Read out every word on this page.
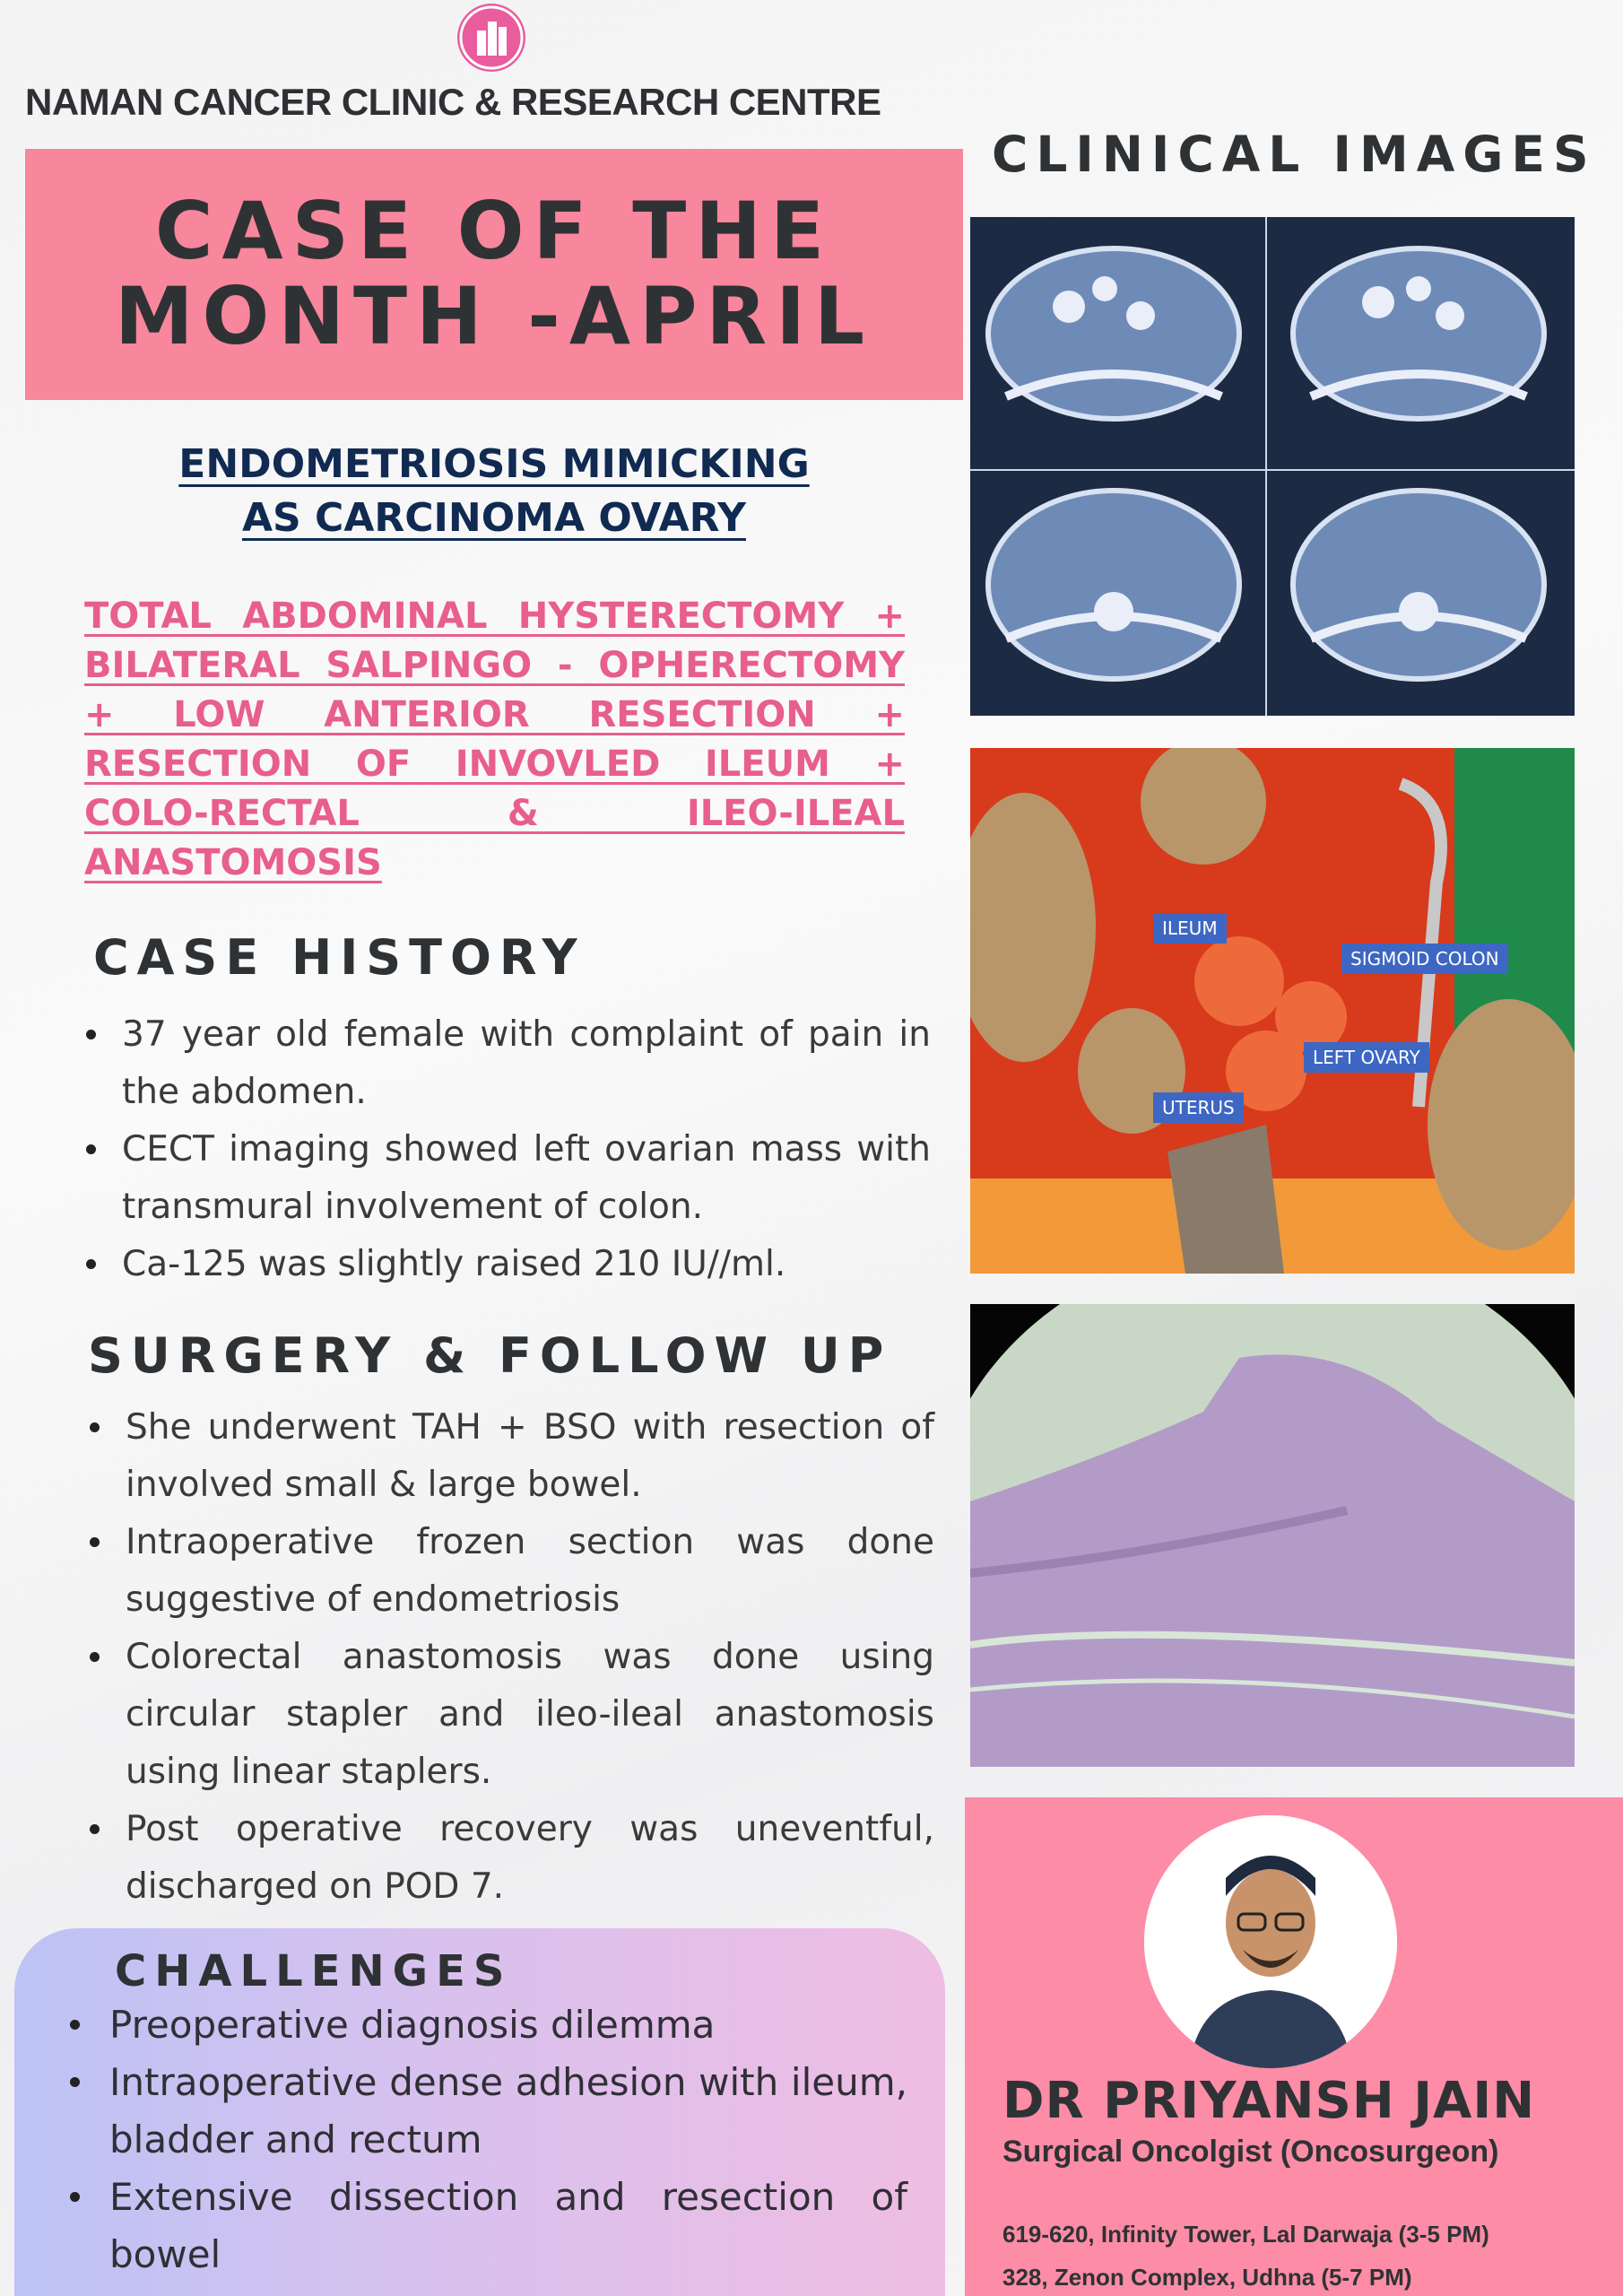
NAMAN CANCER CLINIC & RESEARCH CENTRE
CASE OF THE
MONTH -APRIL
ENDOMETRIOSIS MIMICKING
AS CARCINOMA OVARY
TOTAL ABDOMINAL HYSTERECTOMY + BILATERAL SALPINGO - OPHERECTOMY + LOW ANTERIOR RESECTION + RESECTION OF INVOVLED ILEUM + COLO-RECTAL & ILEO-ILEAL ANASTOMOSIS
CASE HISTORY
37 year old female with complaint of pain in the abdomen.
CECT imaging showed left ovarian mass with transmural involvement of colon.
Ca-125 was slightly raised 210 IU//ml.
SURGERY & FOLLOW UP
She underwent TAH + BSO with resection of involved small & large bowel.
Intraoperative frozen section was done suggestive of endometriosis
Colorectal anastomosis was done using circular stapler and ileo-ileal anastomosis using linear staplers.
Post operative recovery was uneventful, discharged on POD 7.
CHALLENGES
Preoperative diagnosis dilemma
Intraoperative dense adhesion with ileum, bladder and rectum
Extensive dissection and resection of bowel
CLINICAL IMAGES
ILEUM
SIGMOID COLON
LEFT OVARY
UTERUS
DR PRIYANSH JAIN
Surgical Oncolgist (Oncosurgeon)
619-620, Infinity Tower, Lal Darwaja (3-5 PM)
328, Zenon Complex, Udhna (5-7 PM)
